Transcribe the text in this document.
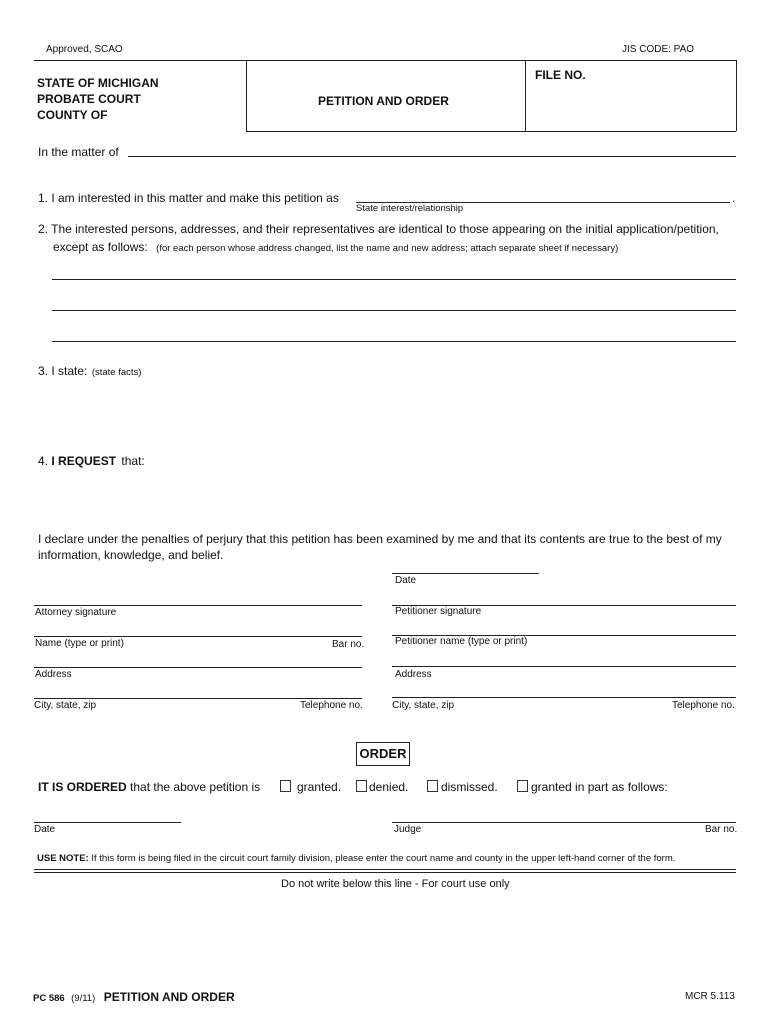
Approved, SCAO	JIS CODE: PAO
STATE OF MICHIGAN
PROBATE COURT
COUNTY OF
PETITION AND ORDER
FILE NO.
In the matter of
1. I am interested in this matter and make this petition as	.
State interest/relationship
2. The interested persons, addresses, and their representatives are identical to those appearing on the initial application/petition,
except as follows: (for each person whose address changed, list the name and new address; attach separate sheet if necessary)
3. I state: (state facts)
4. I REQUEST that:
I declare under the penalties of perjury that this petition has been examined by me and that its contents are true to the best of my
information, knowledge, and belief.
Date
Attorney signature	Petitioner signature
Name (type or print)	Bar no.	Petitioner name (type or print)
Address	Address
City, state, zip	Telephone no.	City, state, zip	Telephone no.
ORDER
IT IS ORDERED that the above petition is	granted. denied.	dismissed.	granted in part as follows:
Date	Judge	Bar no.
USE NOTE: If this form is being filed in the circuit court family division, please enter the court name and county in the upper left-hand corner of the form.
Do not write below this line - For court use only
PC 586 (9/11) PETITION AND ORDER	MCR 5.113
